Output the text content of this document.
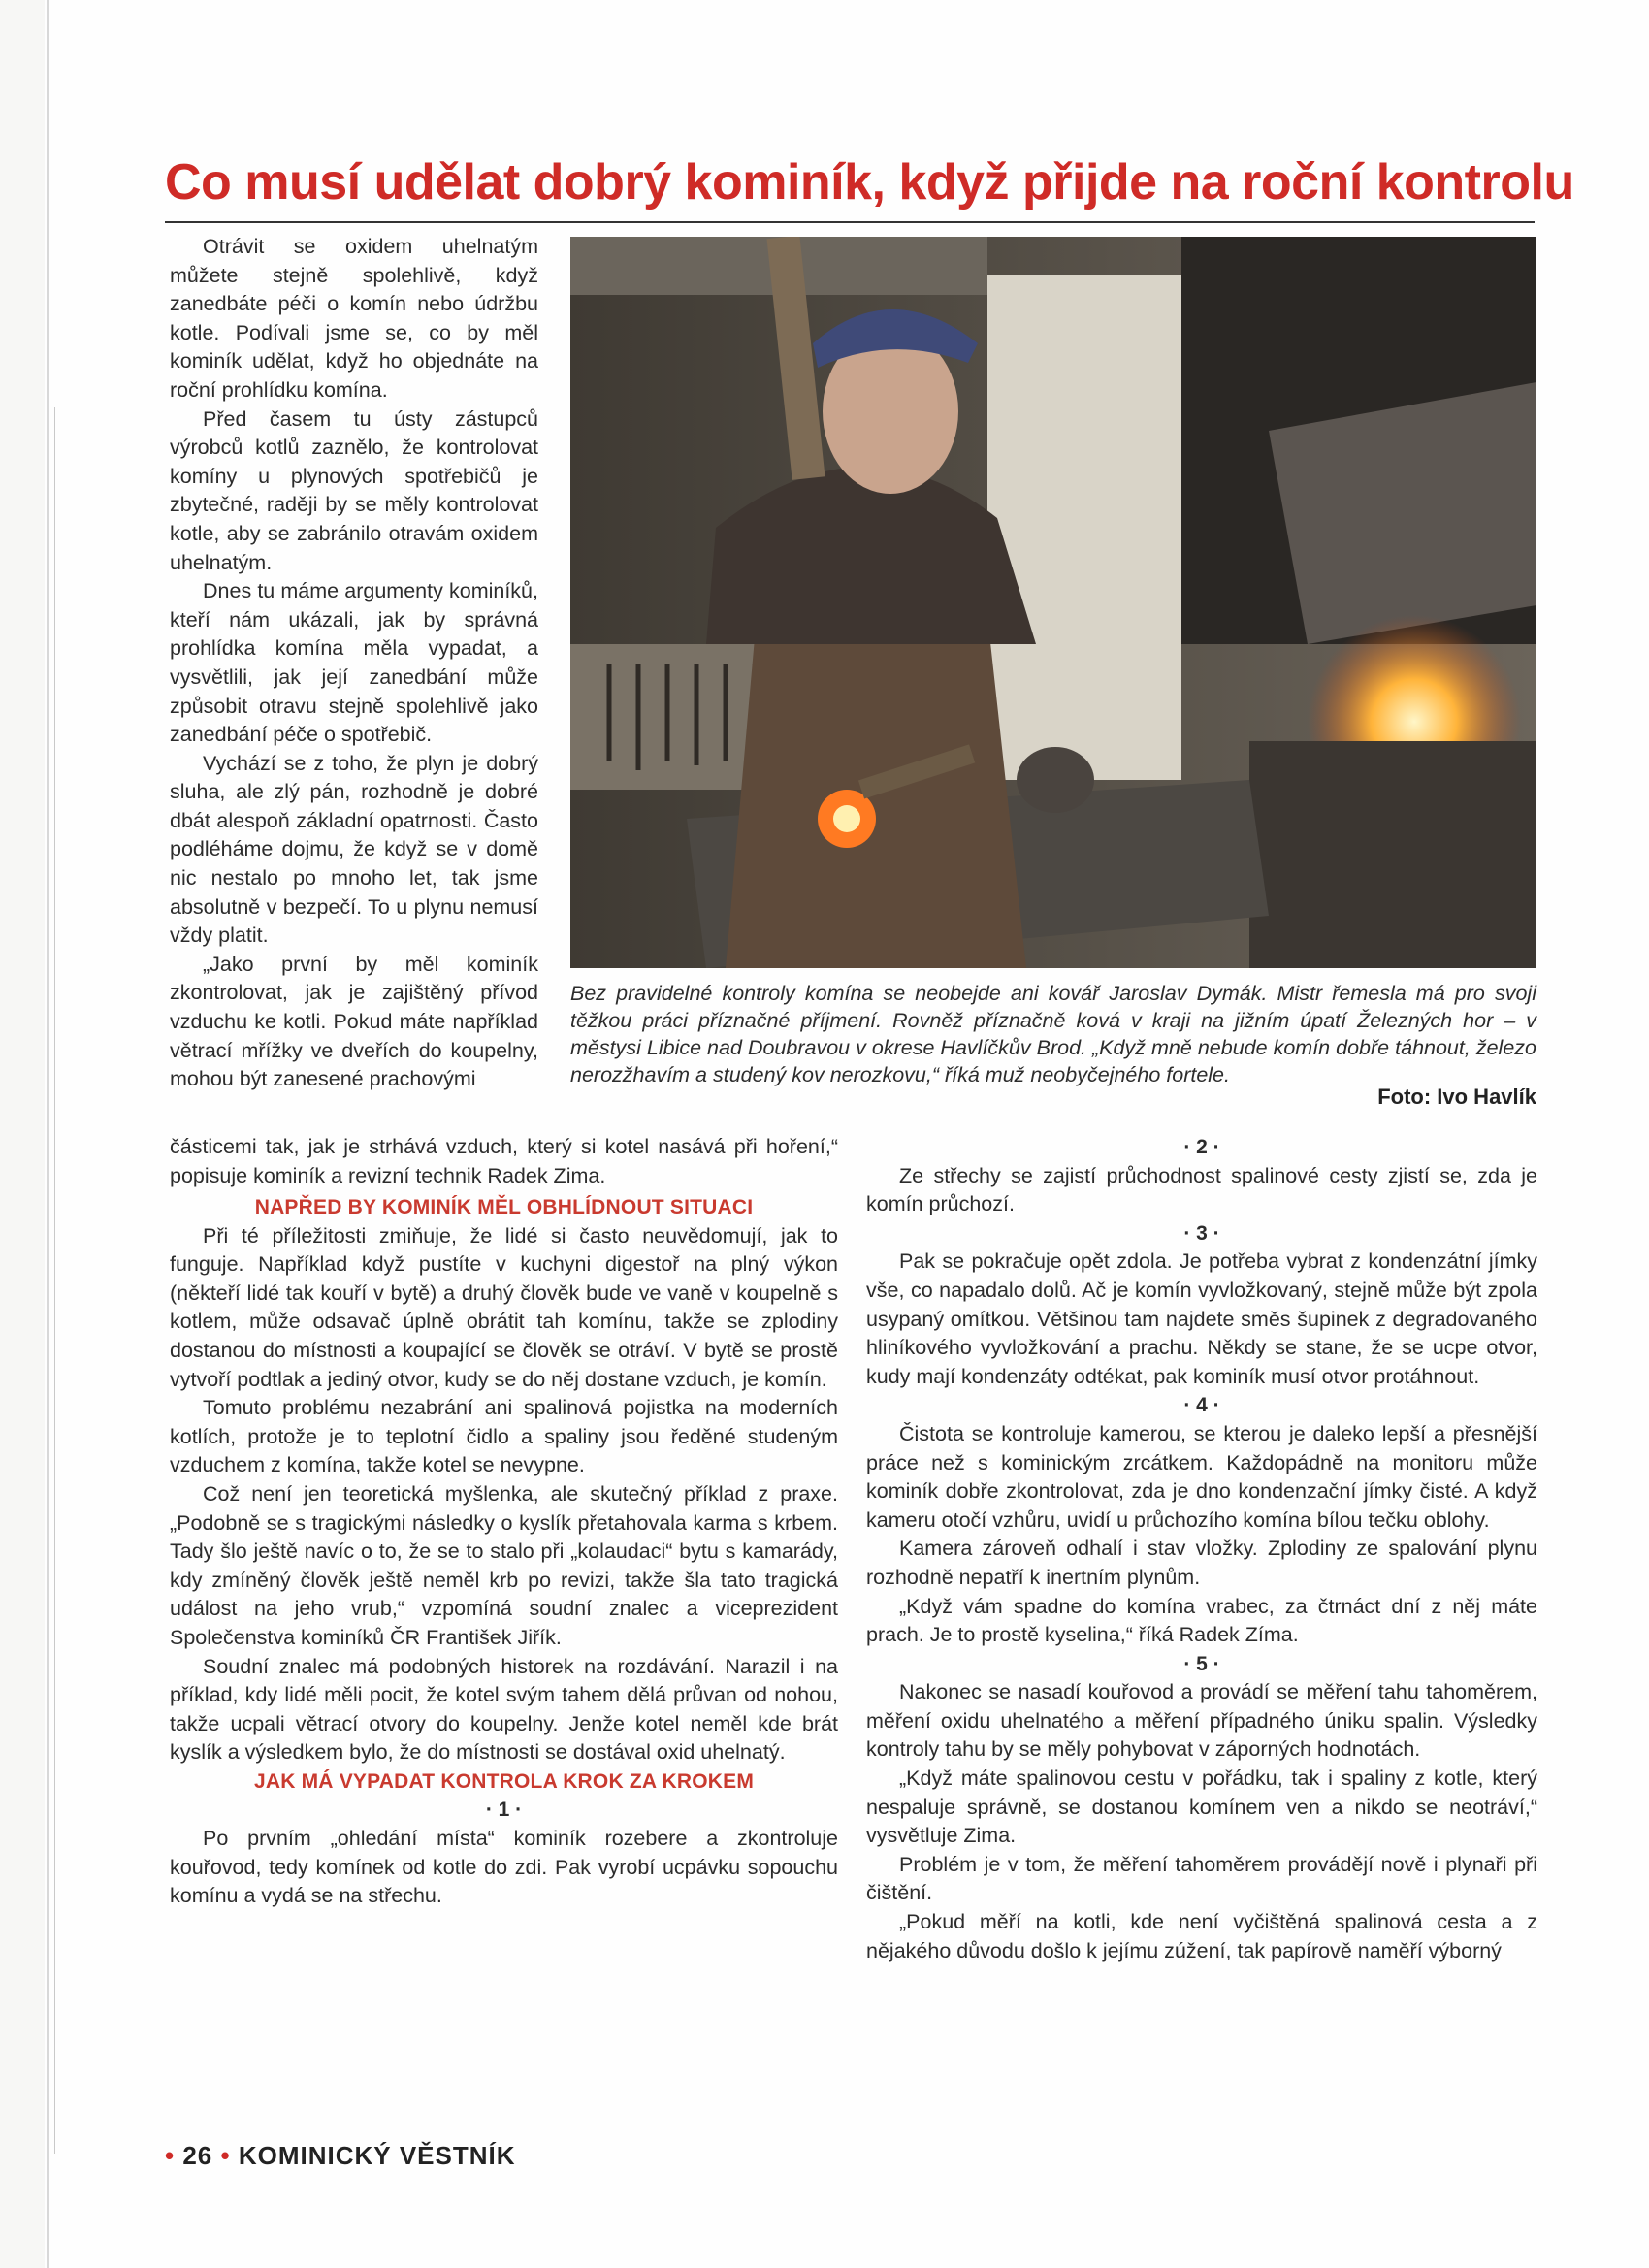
Co musí udělat dobrý kominík, když přijde na roční kontrolu

Otrávit se oxidem uhelnatým můžete stejně spolehlivě, když zanedbáte péči o komín nebo údržbu kotle. Podívali jsme se, co by měl kominík udělat, když ho objednáte na roční prohlídku komína.

Před časem tu ústy zástupců výrobců kotlů zaznělo, že kontrolovat komíny u plynových spotřebičů je zbytečné, raději by se měly kontrolovat kotle, aby se zabránilo otravám oxidem uhelnatým.

Dnes tu máme argumenty kominíků, kteří nám ukázali, jak by správná prohlídka komína měla vypadat, a vysvětlili, jak její zanedbání může způsobit otravu stejně spolehlivě jako zanedbání péče o spotřebič.

Vychází se z toho, že plyn je dobrý sluha, ale zlý pán, rozhodně je dobré dbát alespoň základní opatrnosti. Často podléháme dojmu, že když se v domě nic nestalo po mnoho let, tak jsme absolutně v bezpečí. To u plynu nemusí vždy platit.

„Jako první by měl kominík zkontrolovat, jak je zajištěný přívod vzduchu ke kotli. Pokud máte například větrací mřížky ve dveřích do koupelny, mohou být zanesené prachovými

Bez pravidelné kontroly komína se neobejde ani kovář Jaroslav Dymák. Mistr řemesla má pro svoji těžkou práci příznačné příjmení. Rovněž příznačně ková v kraji na jižním úpatí Železných hor – v městysi Libice nad Doubravou v okrese Havlíčkův Brod. „Když mně nebude komín dobře táhnout, železo nerozžhavím a studený kov nerozkovu,“ říká muž neobyčejného fortele.
Foto: Ivo Havlík
částicemi tak, jak je strhává vzduch, který si kotel nasává při hoření,“ popisuje kominík a revizní technik Radek Zima.

NAPŘED BY KOMINÍK MĚL OBHLÍDNOUT SITUACI

Při té příležitosti zmiňuje, že lidé si často neuvědomují, jak to funguje. Například když pustíte v kuchyni digestoř na plný výkon (někteří lidé tak kouří v bytě) a druhý člověk bude ve vaně v koupelně s kotlem, může odsavač úplně obrátit tah komínu, takže se zplodiny dostanou do místnosti a koupající se člověk se otráví. V bytě se prostě vytvoří podtlak a jediný otvor, kudy se do něj dostane vzduch, je komín.

Tomuto problému nezabrání ani spalinová pojistka na moderních kotlích, protože je to teplotní čidlo a spaliny jsou ředěné studeným vzduchem z komína, takže kotel se nevypne.

Což není jen teoretická myšlenka, ale skutečný příklad z praxe. „Podobně se s tragickými následky o kyslík přetahovala karma s krbem. Tady šlo ještě navíc o to, že se to stalo při „kolaudaci“ bytu s kamarády, kdy zmíněný člověk ještě neměl krb po revizi, takže šla tato tragická událost na jeho vrub,“ vzpomíná soudní znalec a viceprezident Společenstva kominíků ČR František Jiřík.

Soudní znalec má podobných historek na rozdávání. Narazil i na příklad, kdy lidé měli pocit, že kotel svým tahem dělá průvan od nohou, takže ucpali větrací otvory do koupelny. Jenže kotel neměl kde brát kyslík a výsledkem bylo, že do místnosti se dostával oxid uhelnatý.

JAK MÁ VYPADAT KONTROLA KROK ZA KROKEM

· 1 ·

Po prvním „ohledání místa“ kominík rozebere a zkontroluje kouřovod, tedy komínek od kotle do zdi. Pak vyrobí ucpávku sopouchu komínu a vydá se na střechu.

· 2 ·

Ze střechy se zajistí průchodnost spalinové cesty zjistí se, zda je komín průchozí.

· 3 ·

Pak se pokračuje opět zdola. Je potřeba vybrat z kondenzátní jímky vše, co napadalo dolů. Ač je komín vyvložkovaný, stejně může být zpola usypaný omítkou. Většinou tam najdete směs šupinek z degradovaného hliníkového vyvložkování a prachu. Někdy se stane, že se ucpe otvor, kudy mají kondenzáty odtékat, pak kominík musí otvor protáhnout.

· 4 ·

Čistota se kontroluje kamerou, se kterou je daleko lepší a přesnější práce než s kominickým zrcátkem. Každopádně na monitoru může kominík dobře zkontrolovat, zda je dno kondenzační jímky čisté. A když kameru otočí vzhůru, uvidí u průchozího komína bílou tečku oblohy.

Kamera zároveň odhalí i stav vložky. Zplodiny ze spalování plynu rozhodně nepatří k inertním plynům.

„Když vám spadne do komína vrabec, za čtrnáct dní z něj máte prach. Je to prostě kyselina,“ říká Radek Zíma.

· 5 ·

Nakonec se nasadí kouřovod a provádí se měření tahu tahoměrem, měření oxidu uhelnatého a měření případného úniku spalin. Výsledky kontroly tahu by se měly pohybovat v záporných hodnotách.

„Když máte spalinovou cestu v pořádku, tak i spaliny z kotle, který nespaluje správně, se dostanou komínem ven a nikdo se neotráví,“ vysvětluje Zima.

Problém je v tom, že měření tahoměrem provádějí nově i plynaři při čištění.

„Pokud měří na kotli, kde není vyčištěná spalinová cesta a z nějakého důvodu došlo k jejímu zúžení, tak papírově naměří výborný

• 26 • KOMINICKÝ VĚSTNÍK
